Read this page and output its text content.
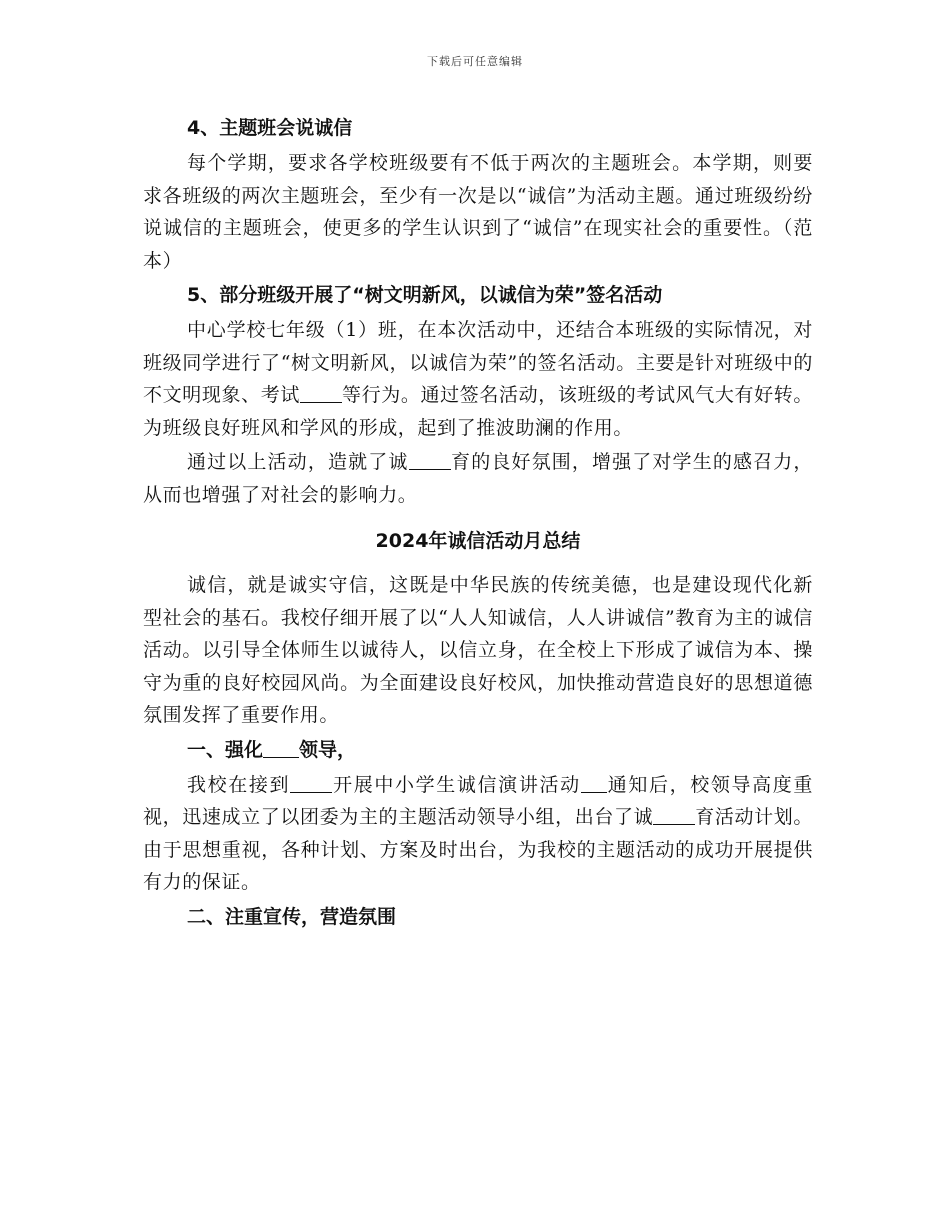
下载后可任意编辑
4、主题班会说诚信

每个学期，要求各学校班级要有不低于两次的主题班会。本学期，则要求各班级的两次主题班会，至少有一次是以“诚信”为活动主题。通过班级纷纷说诚信的主题班会，使更多的学生认识到了“诚信”在现实社会的重要性。（范本）

5、部分班级开展了“树文明新风，以诚信为荣”签名活动

中心学校七年级（1）班，在本次活动中，还结合本班级的实际情况，对班级同学进行了“树文明新风，以诚信为荣”的签名活动。主要是针对班级中的不文明现象、考试 等行为。通过签名活动，该班级的考试风气大有好转。为班级良好班风和学风的形成，起到了推波助澜的作用。

通过以上活动，造就了诚 育的良好氛围，增强了对学生的感召力，从而也增强了对社会的影响力。

2024年诚信活动月总结

诚信，就是诚实守信，这既是中华民族的传统美德，也是建设现代化新型社会的基石。我校仔细开展了以“人人知诚信，人人讲诚信”教育为主的诚信活动。以引导全体师生以诚待人，以信立身，在全校上下形成了诚信为本、操守为重的良好校园风尚。为全面建设良好校风，加快推动营造良好的思想道德氛围发挥了重要作用。

一、强化 领导，

我校在接到 开展中小学生诚信演讲活动 通知后，校领导高度重视，迅速成立了以团委为主的主题活动领导小组，出台了诚 育活动计划。由于思想重视，各种计划、方案及时出台，为我校的主题活动的成功开展提供有力的保证。

二、注重宣传，营造氛围
